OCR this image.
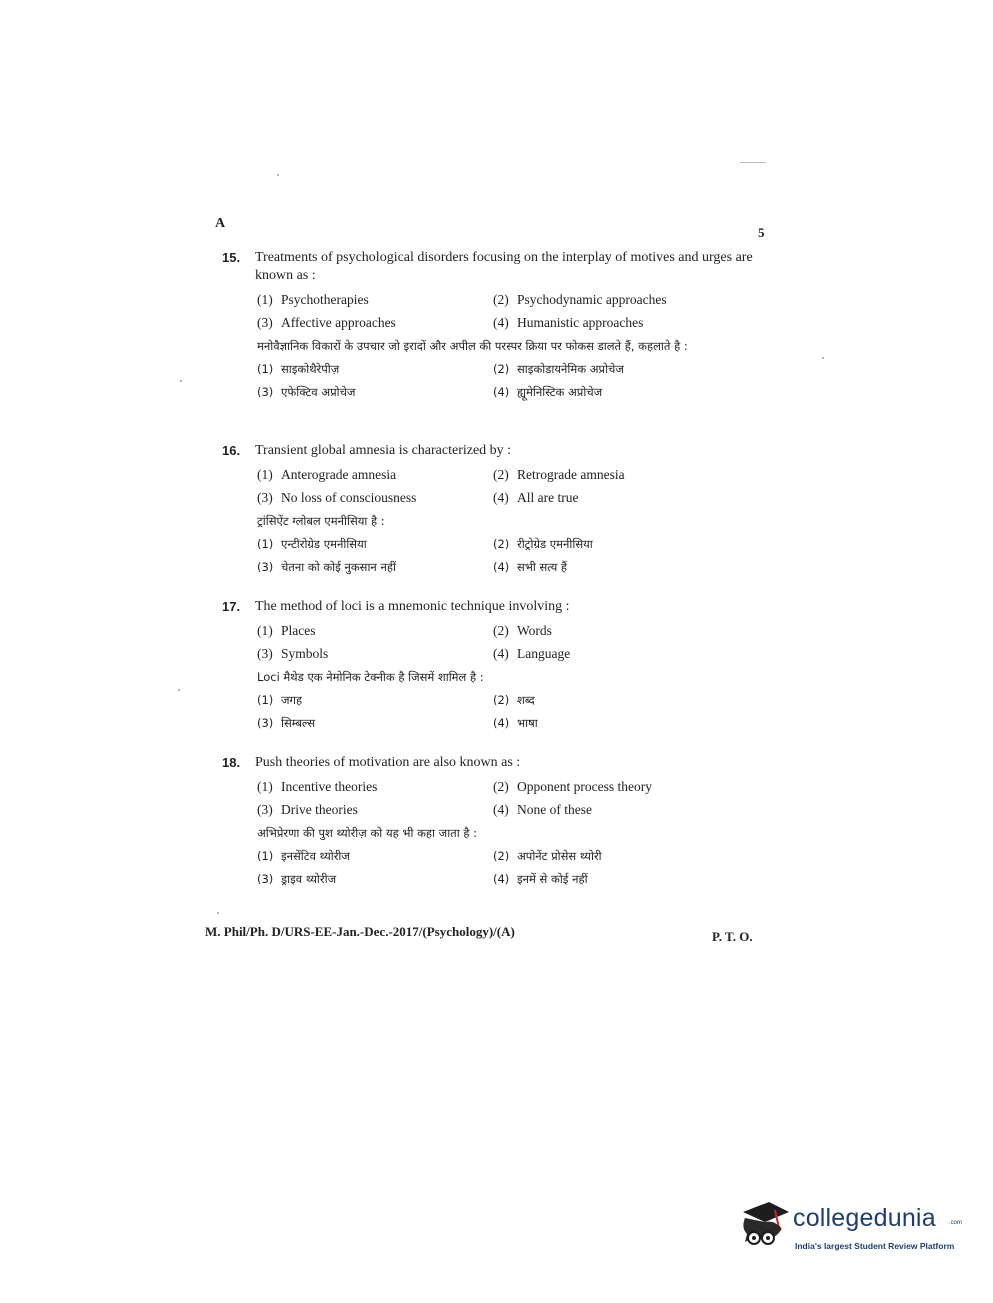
A
5
15.	Treatments of psychological disorders focusing on the interplay of motives and urges are known as :
(1) Psychotherapies	(2) Psychodynamic approaches
(3) Affective approaches	(4) Humanistic approaches
मनोवैज्ञानिक विकारों के उपचार जो इरादों और अपील की परस्पर क्रिया पर फोकस डालते हैं, कहलाते है :
(1) साइकोथैरेपीज़	(2) साइकोडायनेमिक अप्रोचेज
(3) एफेक्टिव अप्रोचेज	(4) ह्यूमेनिस्टिक अप्रोचेज
16.	Transient global amnesia is characterized by :
(1) Anterograde amnesia	(2) Retrograde amnesia
(3) No loss of consciousness	(4) All are true
ट्रांसिऐंट ग्लोबल एमनीसिया है :
(1) एन्टीरोग्रेड एमनीसिया	(2) रीट्रोग्रेड एमनीसिया
(3) चेतना को कोई नुकसान नहीं	(4) सभी सत्य हैं
17.	The method of loci is a mnemonic technique involving :
(1) Places	(2) Words
(3) Symbols	(4) Language
Loci मैथेड एक नेमोनिक टेक्नीक है जिसमें शामिल है :
(1) जगह	(2) शब्द
(3) सिम्बल्स	(4) भाषा
18.	Push theories of motivation are also known as :
(1) Incentive theories	(2) Opponent process theory
(3) Drive theories	(4) None of these
अभिप्रेरणा की पुश थ्योरीज़ को यह भी कहा जाता है :
(1) इनसेंटिव थ्योरीज	(2) अपोनेंट प्रोसेस थ्योरी
(3) ड्राइव थ्योरीज	(4) इनमें से कोई नहीं
M. Phil/Ph. D/URS-EE-Jan.-Dec.-2017/(Psychology)/(A)	P. T. O.
collegedunia .com
India's largest Student Review Platform
